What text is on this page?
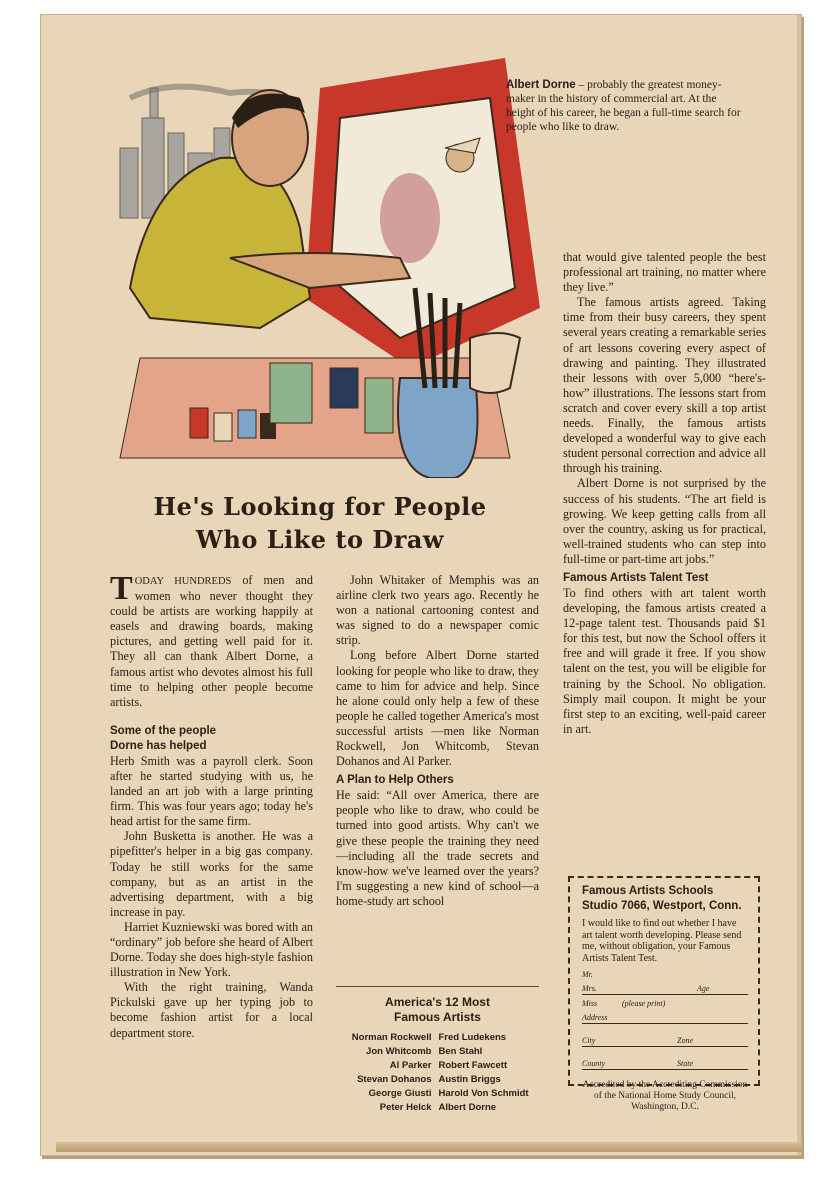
Albert Dorne – probably the greatest money-maker in the history of commercial art. At the height of his career, he began a full-time search for people who like to draw.
He's Looking for People
Who Like to Draw

TODAY HUNDREDS of men and women who never thought they could be artists are working happily at easels and drawing boards, making pictures, and getting well paid for it. They all can thank Albert Dorne, a famous artist who devotes almost his full time to helping other people become artists.

Some of the people
Dorne has helped

Herb Smith was a payroll clerk. Soon after he started studying with us, he landed an art job with a large printing firm. This was four years ago; today he's head artist for the same firm.

John Busketta is another. He was a pipefitter's helper in a big gas company. Today he still works for the same company, but as an artist in the advertising department, with a big increase in pay.

Harriet Kuzniewski was bored with an “ordinary” job before she heard of Albert Dorne. Today she does high-style fashion illustration in New York.

With the right training, Wanda Pickulski gave up her typing job to become fashion artist for a local department store.

John Whitaker of Memphis was an airline clerk two years ago. Recently he won a national cartooning contest and was signed to do a newspaper comic strip.

Long before Albert Dorne started looking for people who like to draw, they came to him for advice and help. Since he alone could only help a few of these people he called together America's most successful artists —men like Norman Rockwell, Jon Whitcomb, Stevan Dohanos and Al Parker.

A Plan to Help Others

He said: “All over America, there are people who like to draw, who could be turned into good artists. Why can't we give these people the training they need—including all the trade secrets and know-how we've learned over the years? I'm suggesting a new kind of school—a home-study art school

America's 12 Most
Famous Artists
Norman Rockwell	Fred Ludekens
Jon Whitcomb	Ben Stahl
Al Parker	Robert Fawcett
Stevan Dohanos	Austin Briggs
George Giusti	Harold Von Schmidt
Peter Helck	Albert Dorne

that would give talented people the best professional art training, no matter where they live.”

The famous artists agreed. Taking time from their busy careers, they spent several years creating a remarkable series of art lessons covering every aspect of drawing and painting. They illustrated their lessons with over 5,000 “here's-how” illustrations. The lessons start from scratch and cover every skill a top artist needs. Finally, the famous artists developed a wonderful way to give each student personal correction and advice all through his training.

Albert Dorne is not surprised by the success of his students. “The art field is growing. We keep getting calls from all over the country, asking us for practical, well-trained students who can step into full-time or part-time art jobs.”

Famous Artists Talent Test

To find others with art talent worth developing, the famous artists created a 12-page talent test. Thousands paid $1 for this test, but now the School offers it free and will grade it free. If you show talent on the test, you will be eligible for training by the School. No obligation. Simply mail coupon. It might be your first step to an exciting, well-paid career in art.

Famous Artists Schools
Studio 7066, Westport, Conn.
I would like to find out whether I have art talent worth developing. Please send me, without obligation, your Famous Artists Talent Test.
Mr.
Mrs.	Age
Miss	(please print)
Address
City	Zone
County	State
Accredited by the Accrediting Commission of the National Home Study Council, Washington, D.C.
